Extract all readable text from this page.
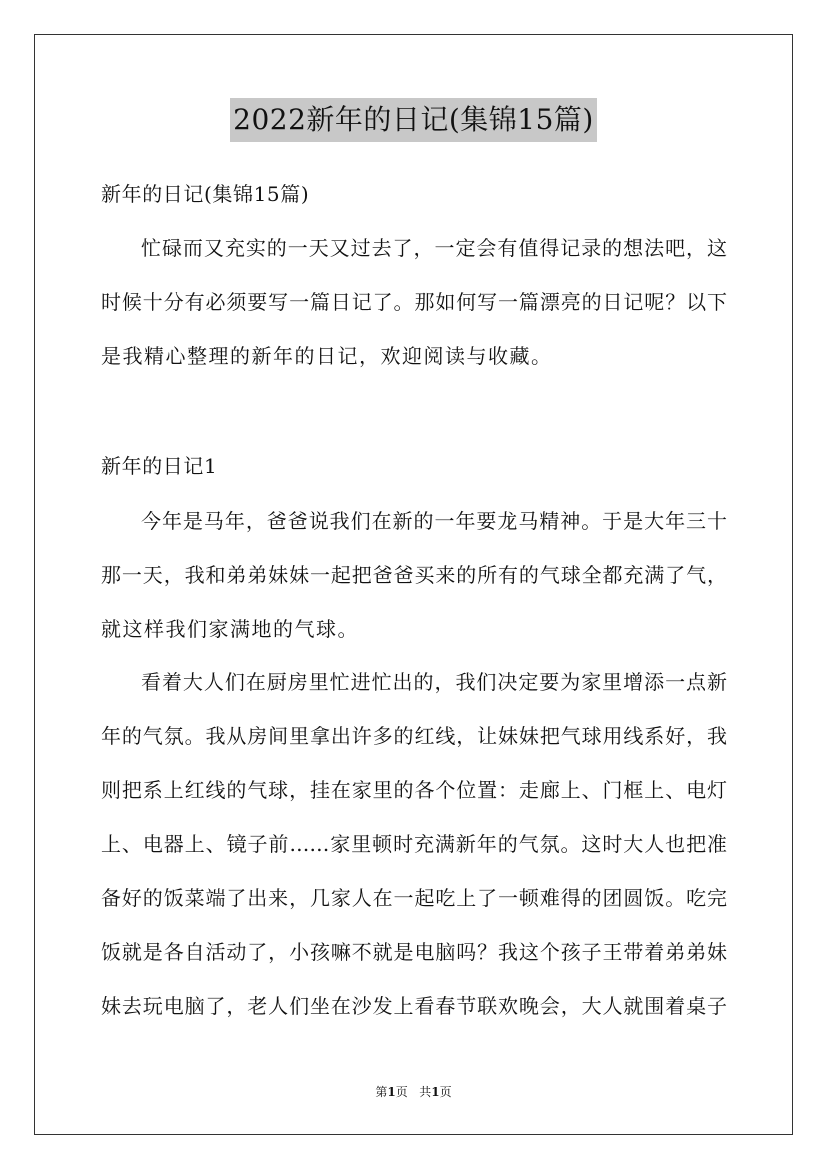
2022新年的日记(集锦15篇)
新年的日记(集锦15篇)
忙碌而又充实的一天又过去了，一定会有值得记录的想法吧，这
时候十分有必须要写一篇日记了。那如何写一篇漂亮的日记呢？以下
是我精心整理的新年的日记，欢迎阅读与收藏。
新年的日记1
今年是马年，爸爸说我们在新的一年要龙马精神。于是大年三十
那一天，我和弟弟妹妹一起把爸爸买来的所有的气球全都充满了气，
就这样我们家满地的气球。
看着大人们在厨房里忙进忙出的，我们决定要为家里增添一点新
年的气氛。我从房间里拿出许多的红线，让妹妹把气球用线系好，我
则把系上红线的气球，挂在家里的各个位置：走廊上、门框上、电灯
上、电器上、镜子前……家里顿时充满新年的气氛。这时大人也把准
备好的饭菜端了出来，几家人在一起吃上了一顿难得的团圆饭。吃完
饭就是各自活动了，小孩嘛不就是电脑吗？我这个孩子王带着弟弟妹
妹去玩电脑了，老人们坐在沙发上看春节联欢晚会，大人就围着桌子
第1页 共1页
